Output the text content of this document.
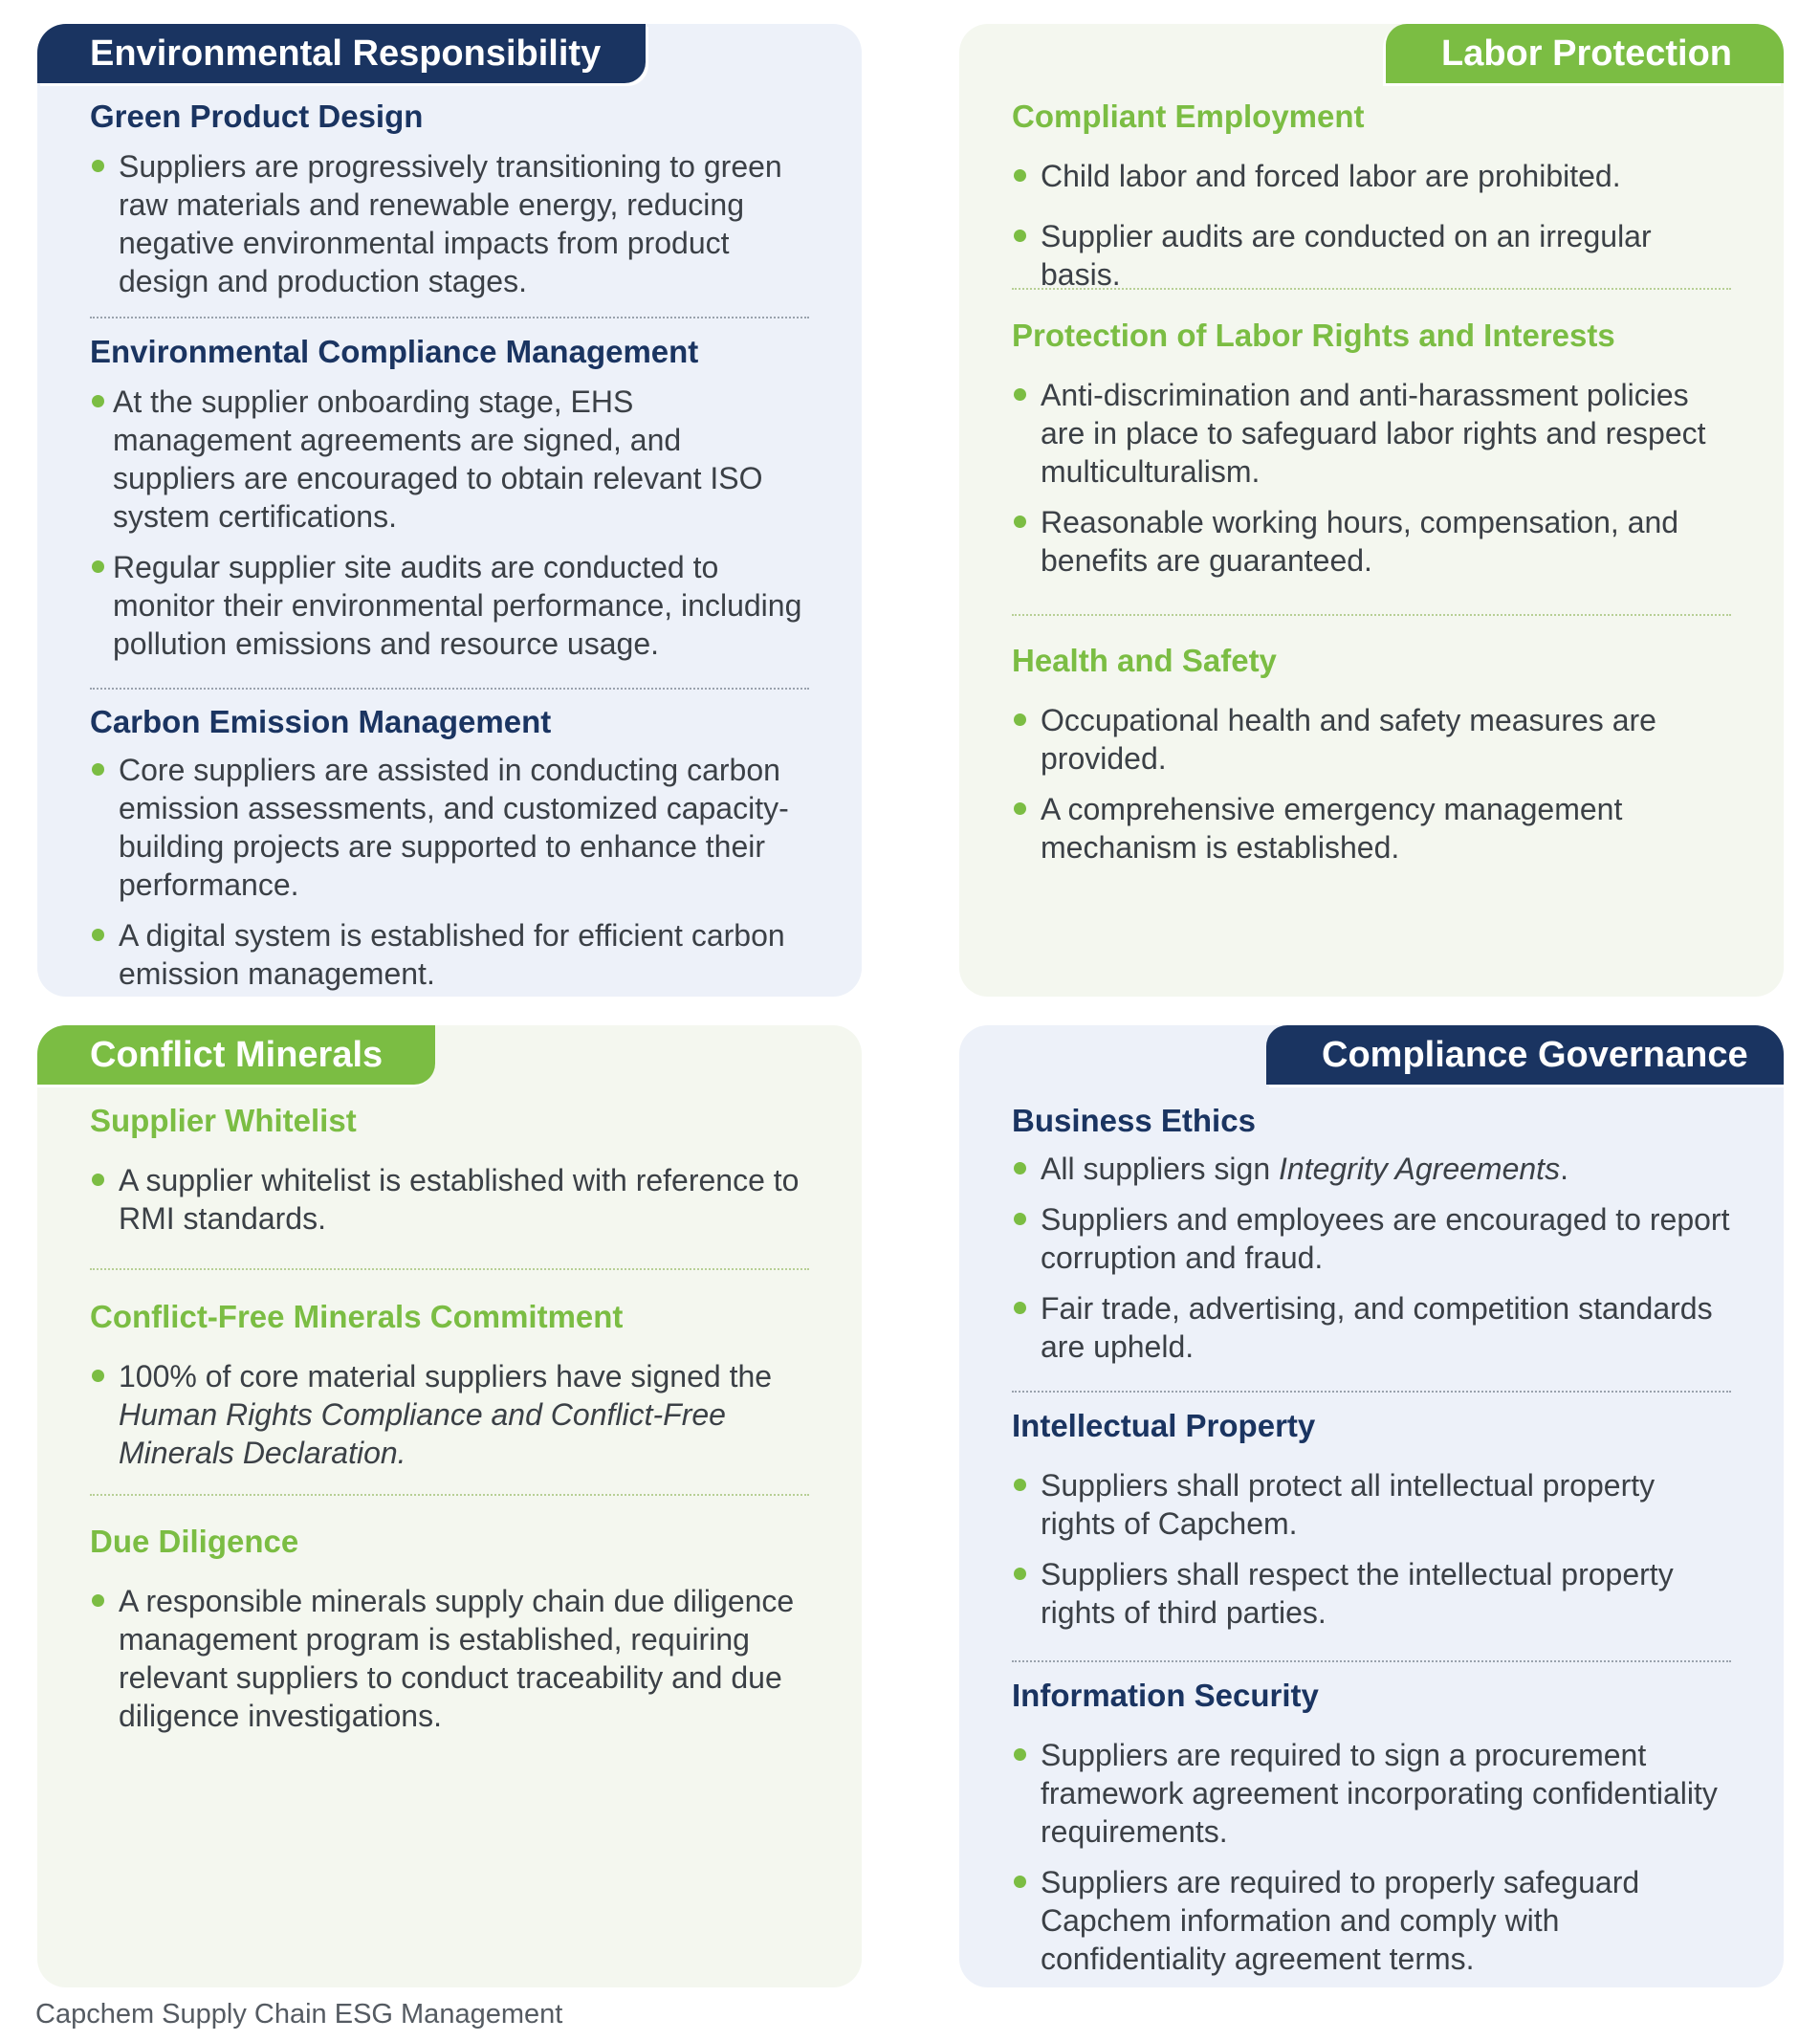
Environmental Responsibility
Green Product Design
Suppliers are progressively transitioning to green raw materials and renewable energy, reducing negative environmental impacts from product design and production stages.
Environmental Compliance Management
At the supplier onboarding stage, EHS management agreements are signed, and suppliers are encouraged to obtain relevant ISO system certifications.
Regular supplier site audits are conducted to monitor their environmental performance, including pollution emissions and resource usage.
Carbon Emission Management
Core suppliers are assisted in conducting carbon emission assessments, and customized capacity-building projects are supported to enhance their performance.
A digital system is established for efficient carbon emission management.
Labor Protection
Compliant Employment
Child labor and forced labor are prohibited.
Supplier audits are conducted on an irregular basis.
Protection of Labor Rights and Interests
Anti-discrimination and anti-harassment policies are in place to safeguard labor rights and respect multiculturalism.
Reasonable working hours, compensation, and benefits are guaranteed.
Health and Safety
Occupational health and safety measures are provided.
A comprehensive emergency management mechanism is established.
Conflict Minerals
Supplier Whitelist
A supplier whitelist is established with reference to RMI standards.
Conflict-Free Minerals Commitment
100% of core material suppliers have signed the Human Rights Compliance and Conflict-Free Minerals Declaration.
Due Diligence
A responsible minerals supply chain due diligence management program is established, requiring relevant suppliers to conduct traceability and due diligence investigations.
Compliance Governance
Business Ethics
All suppliers sign Integrity Agreements.
Suppliers and employees are encouraged to report corruption and fraud.
Fair trade, advertising, and competition standards are upheld.
Intellectual Property
Suppliers shall protect all intellectual property rights of Capchem.
Suppliers shall respect the intellectual property rights of third parties.
Information Security
Suppliers are required to sign a procurement framework agreement incorporating confidentiality requirements.
Suppliers are required to properly safeguard Capchem information and comply with confidentiality agreement terms.
Capchem Supply Chain ESG Management
